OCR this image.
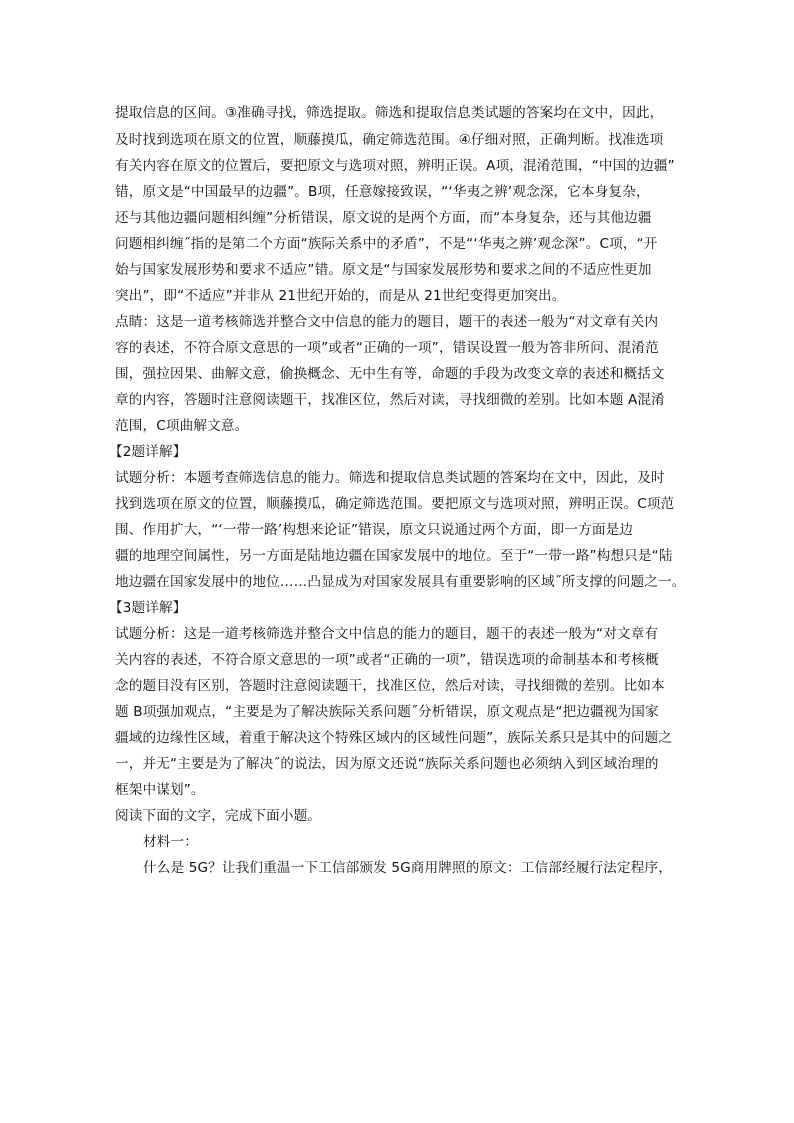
提取信息的区间。③准确寻找，筛选提取。筛选和提取信息类试题的答案均在文中，因此，
及时找到选项在原文的位置，顺藤摸瓜，确定筛选范围。④仔细对照，正确判断。找准选项
有关内容在原文的位置后，要把原文与选项对照，辨明正误。A项，混淆范围，“中国的边疆”
错，原文是“中国最早的边疆”。B项，任意嫁接致误，“‘华夷之辨’观念深，它本身复杂，
还与其他边疆问题相纠缠”分析错误，原文说的是两个方面，而“本身复杂，还与其他边疆
问题相纠缠˝指的是第二个方面“族际关系中的矛盾”，不是“‘华夷之辨’观念深”。C项，“开
始与国家发展形势和要求不适应”错。原文是“与国家发展形势和要求之间的不适应性更加
突出”，即“不适应”并非从 21世纪开始的，而是从 21世纪变得更加突出。
点睛：这是一道考核筛选并整合文中信息的能力的题目，题干的表述一般为“对文章有关内
容的表述，不符合原文意思的一项”或者“正确的一项”，错误设置一般为答非所问、混淆范
围，强拉因果、曲解文意，偷换概念、无中生有等，命题的手段为改变文章的表述和概括文
章的内容，答题时注意阅读题干，找准区位，然后对读，寻找细微的差别。比如本题 A混淆
范围，C项曲解文意。
【2题详解】
试题分析：本题考查筛选信息的能力。筛选和提取信息类试题的答案均在文中，因此，及时
找到选项在原文的位置，顺藤摸瓜，确定筛选范围。要把原文与选项对照，辨明正误。C项范
围、作用扩大，“‘一带一路’构想来论证”错误，原文只说通过两个方面，即一方面是边
疆的地理空间属性，另一方面是陆地边疆在国家发展中的地位。至于“一带一路”构想只是“陆
地边疆在国家发展中的地位……凸显成为对国家发展具有重要影响的区域˝所支撑的问题之一。
【3题详解】
试题分析：这是一道考核筛选并整合文中信息的能力的题目，题干的表述一般为“对文章有
关内容的表述，不符合原文意思的一项”或者“正确的一项”，错误选项的命制基本和考核概
念的题目没有区别，答题时注意阅读题干，找准区位，然后对读，寻找细微的差别。比如本
题 B项强加观点，“主要是为了解决族际关系问题˝分析错误，原文观点是“把边疆视为国家
疆域的边缘性区域，着重于解决这个特殊区域内的区域性问题”，族际关系只是其中的问题之
一，并无“主要是为了解决˝的说法，因为原文还说“族际关系问题也必须纳入到区域治理的
框架中谋划”。
阅读下面的文字，完成下面小题。
材料一：
什么是 5G？让我们重温一下工信部颁发 5G商用牌照的原文：工信部经履行法定程序，
